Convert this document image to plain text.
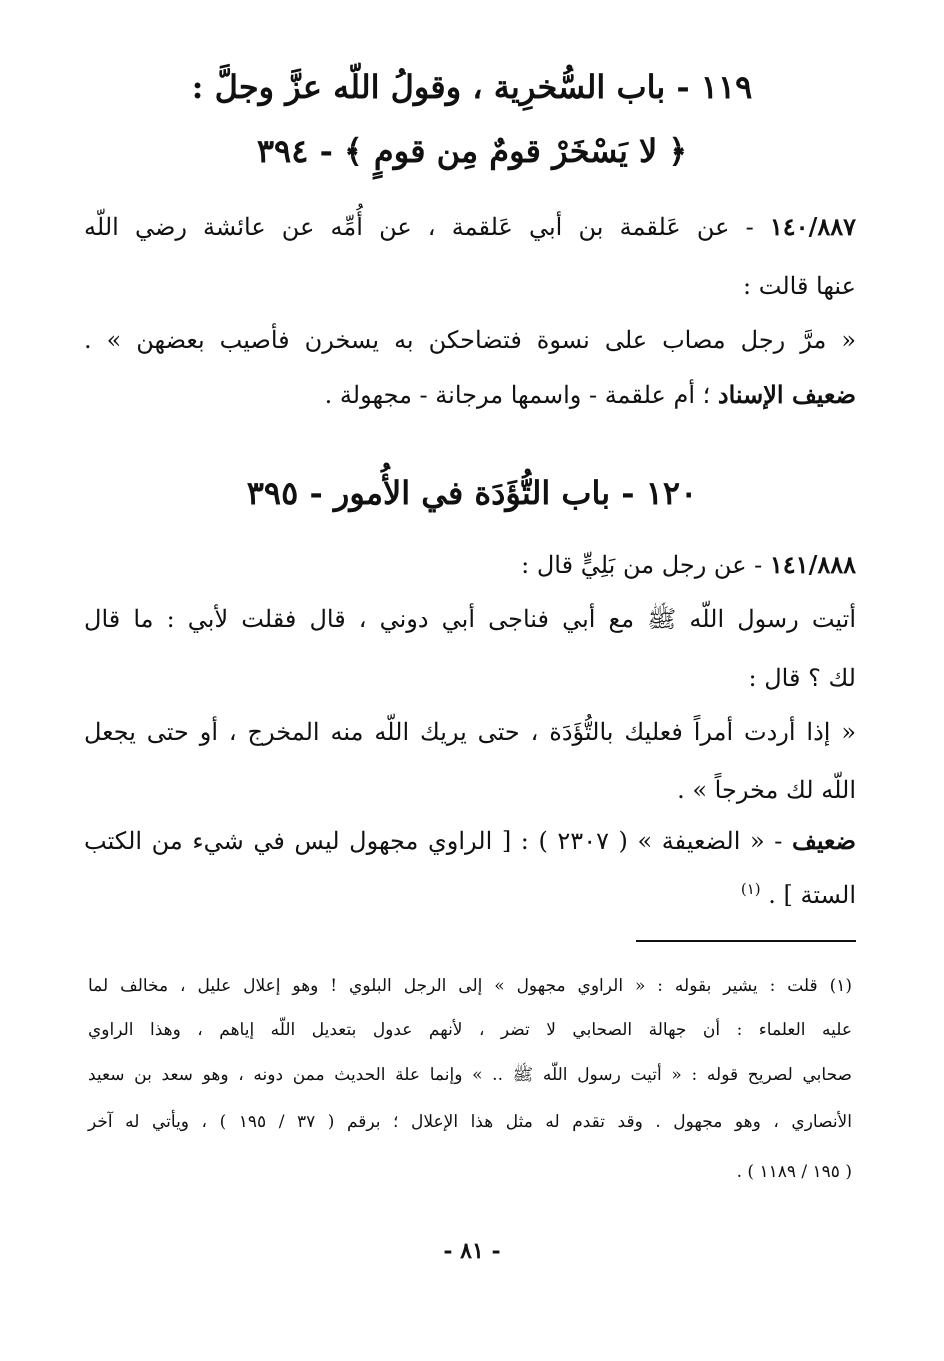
١١٩ - باب السُّخرِية ، وقولُ اللّه عزَّ وجلَّ :
﴿ لا يَسْخَرْ قومٌ مِن قومٍ ﴾ - ٣٩٤
١٤٠/٨٨٧ - عن عَلقمة بن أبي عَلقمة ، عن أُمِّه عن عائشة رضي اللّه
عنها قالت :
« مرَّ رجل مصاب على نسوة فتضاحكن به يسخرن فأصيب بعضهن » .
ضعيف الإسناد ؛ أم علقمة - واسمها مرجانة - مجهولة .
١٢٠ - باب التُّؤَدَة في الأُمور - ٣٩٥
١٤١/٨٨٨ - عن رجل من بَلِيٍّ قال :
أتيت رسول اللّه ﷺ مع أبي فناجى أبي دوني ، قال فقلت لأبي : ما قال
لك ؟ قال :
« إذا أردت أمراً فعليك بالتُّؤَدَة ، حتى يريك اللّه منه المخرج ، أو حتى يجعل
اللّه لك مخرجاً » .
ضعيف - « الضعيفة » ( ٢٣٠٧ ) : [ الراوي مجهول ليس في شيء من الكتب
الستة ] . $^{(١)}$
(١) قلت : يشير بقوله : « الراوي مجهول » إلى الرجل البلوي ! وهو إعلال عليل ، مخالف لما
عليه العلماء : أن جهالة الصحابي لا تضر ، لأنهم عدول بتعديل اللّه إياهم ، وهذا الراوي
صحابي لصريح قوله : « أتيت رسول اللّه ﷺ .. » وإنما علة الحديث ممن دونه ، وهو سعد بن سعيد
الأنصاري ، وهو مجهول . وقد تقدم له مثل هذا الإعلال ؛ برقم ( ٣٧ / ١٩٥ ) ، ويأتي له آخر
( ١٩٥ / ١١٨٩ ) .
- ٨١ -
